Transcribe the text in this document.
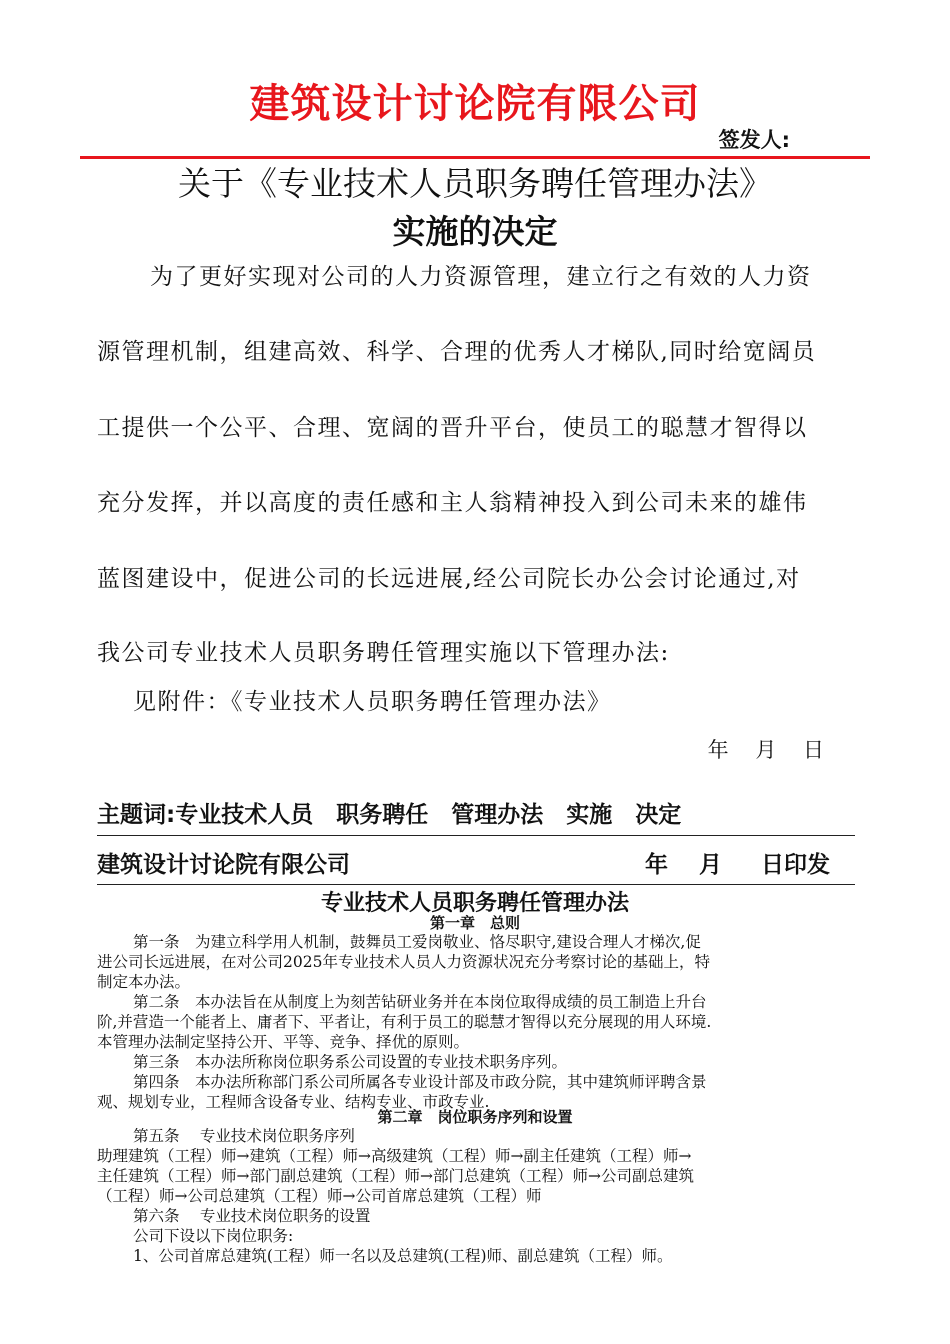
建筑设计讨论院有限公司
签发人:
关于《专业技术人员职务聘任管理办法》
实施的决定
为了更好实现对公司的人力资源管理，建立行之有效的人力资
源管理机制，组建高效、科学、合理的优秀人才梯队,同时给宽阔员
工提供一个公平、合理、宽阔的晋升平台，使员工的聪慧才智得以
充分发挥，并以高度的责任感和主人翁精神投入到公司未来的雄伟
蓝图建设中，促进公司的长远进展,经公司院长办公会讨论通过,对
我公司专业技术人员职务聘任管理实施以下管理办法:
见附件：《专业技术人员职务聘任管理办法》
年 月 日
主题词:专业技术人员　职务聘任　管理办法　实施　决定
建筑设计讨论院有限公司	年　 月 　 日印发
专业技术人员职务聘任管理办法
第一章　总则
第一条　为建立科学用人机制，鼓舞员工爱岗敬业、恪尽职守,建设合理人才梯次,促
进公司长远进展，在对公司2025年专业技术人员人力资源状况充分考察讨论的基础上，特
制定本办法。
第二条　本办法旨在从制度上为刻苦钻研业务并在本岗位取得成绩的员工制造上升台
阶,并营造一个能者上、庸者下、平者让，有利于员工的聪慧才智得以充分展现的用人环境.
本管理办法制定坚持公开、平等、竞争、择优的原则。
第三条　本办法所称岗位职务系公司设置的专业技术职务序列。
第四条　本办法所称部门系公司所属各专业设计部及市政分院，其中建筑师评聘含景
观、规划专业，工程师含设备专业、结构专业、市政专业.
第二章　岗位职务序列和设置
第五条　 专业技术岗位职务序列
助理建筑（工程）师→建筑（工程）师→高级建筑（工程）师→副主任建筑（工程）师→
主任建筑（工程）师→部门副总建筑（工程）师→部门总建筑（工程）师→公司副总建筑
（工程）师→公司总建筑（工程）师→公司首席总建筑（工程）师
第六条　 专业技术岗位职务的设置
公司下设以下岗位职务:
1、公司首席总建筑(工程）师一名以及总建筑(工程)师、副总建筑（工程）师。
